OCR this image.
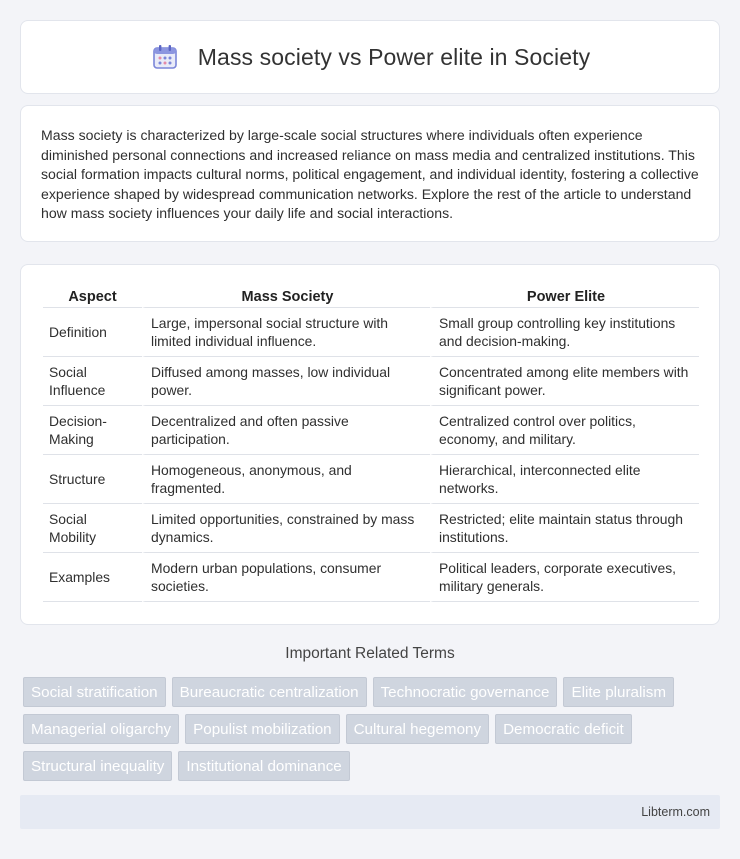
Mass society vs Power elite in Society

Mass society is characterized by large-scale social structures where individuals often experience diminished personal connections and increased reliance on mass media and centralized institutions. This social formation impacts cultural norms, political engagement, and individual identity, fostering a collective experience shaped by widespread communication networks. Explore the rest of the article to understand how mass society influences your daily life and social interactions.

Aspect	Mass Society	Power Elite
Definition	Large, impersonal social structure with limited individual influence.	Small group controlling key institutions and decision-making.
Social Influence	Diffused among masses, low individual power.	Concentrated among elite members with significant power.
Decision-Making	Decentralized and often passive participation.	Centralized control over politics, economy, and military.
Structure	Homogeneous, anonymous, and fragmented.	Hierarchical, interconnected elite networks.
Social Mobility	Limited opportunities, constrained by mass dynamics.	Restricted; elite maintain status through institutions.
Examples	Modern urban populations, consumer societies.	Political leaders, corporate executives, military generals.
Important Related Terms
Social stratification	Bureaucratic centralization	Technocratic governance	Elite pluralism
Managerial oligarchy	Populist mobilization	Cultural hegemony	Democratic deficit
Structural inequality	Institutional dominance
Libterm.com
